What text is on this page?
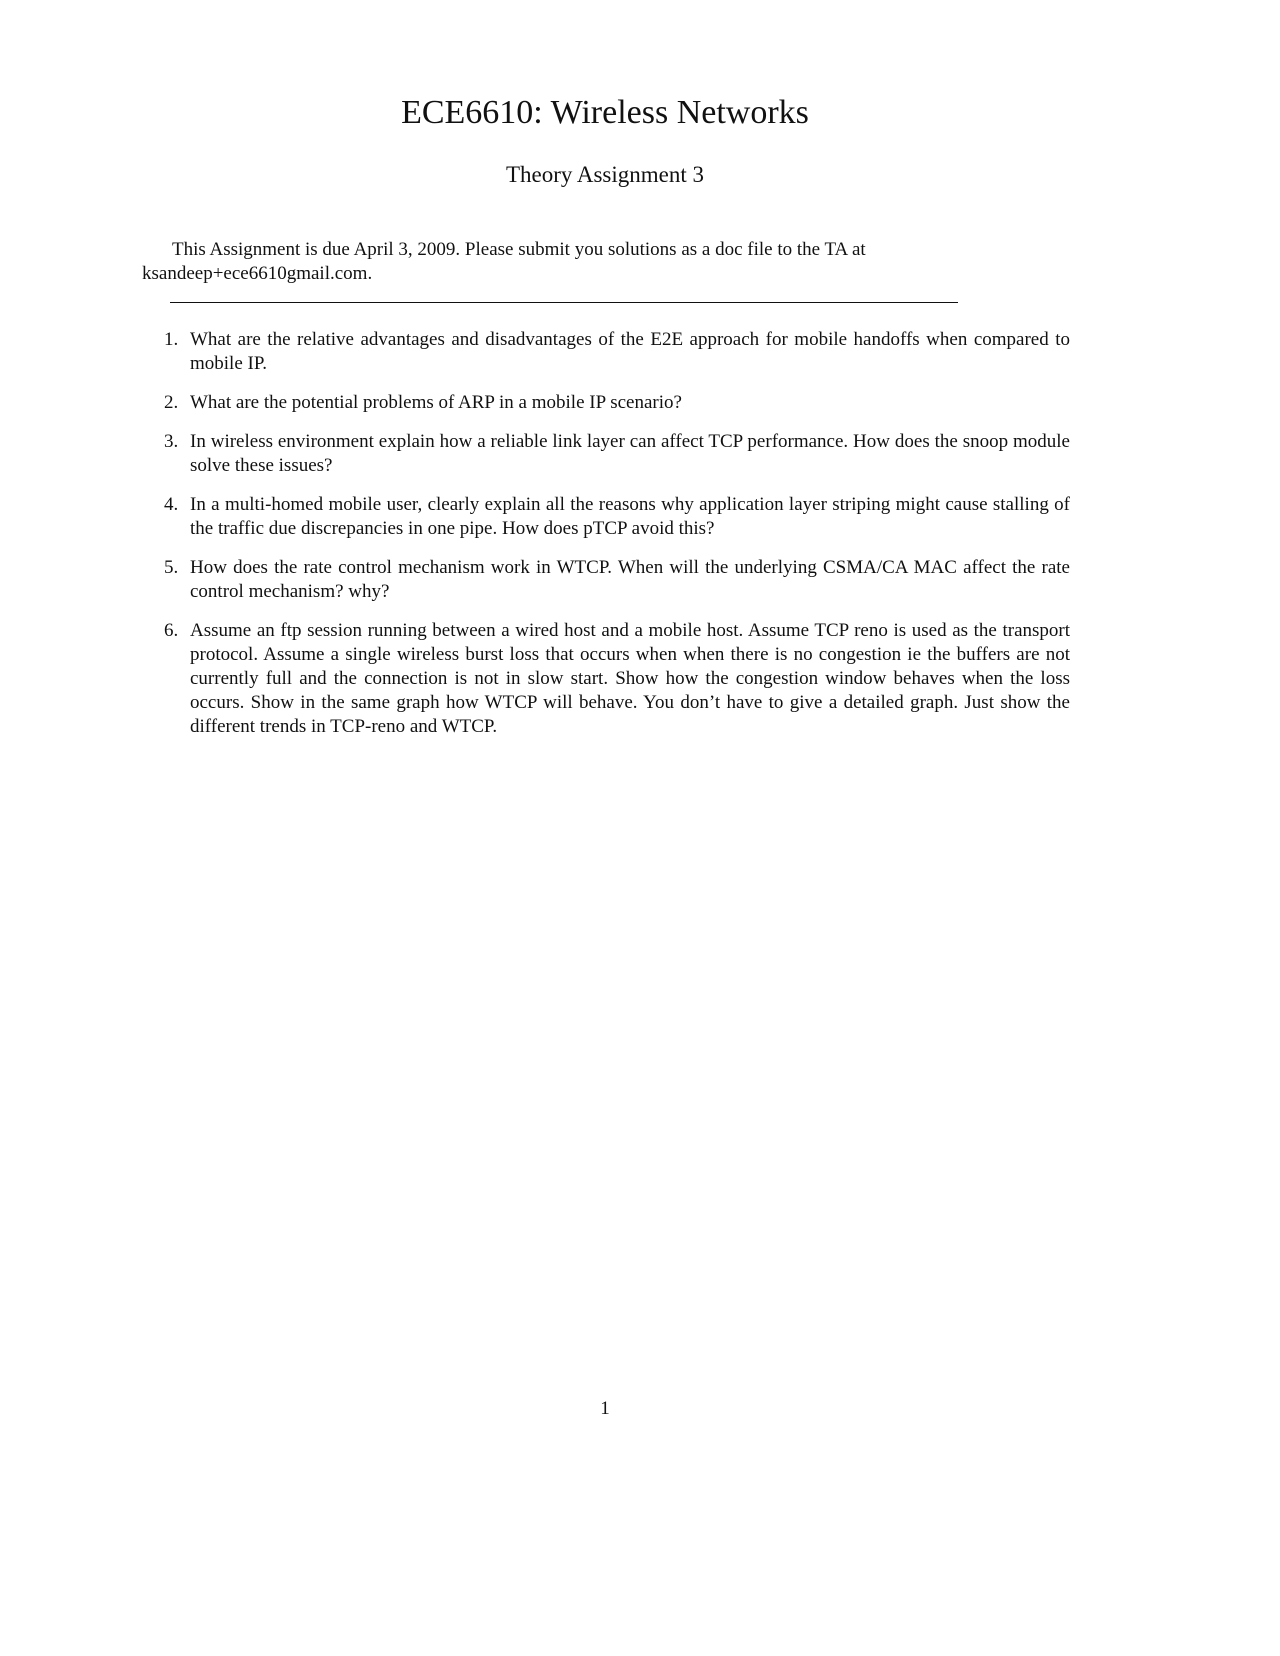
ECE6610: Wireless Networks
Theory Assignment 3
This Assignment is due April 3, 2009. Please submit you solutions as a doc file to the TA at ksandeep+ece6610gmail.com.
1. What are the relative advantages and disadvantages of the E2E approach for mobile handoffs when compared to mobile IP.
2. What are the potential problems of ARP in a mobile IP scenario?
3. In wireless environment explain how a reliable link layer can affect TCP performance. How does the snoop module solve these issues?
4. In a multi-homed mobile user, clearly explain all the reasons why application layer striping might cause stalling of the traffic due discrepancies in one pipe. How does pTCP avoid this?
5. How does the rate control mechanism work in WTCP. When will the underlying CSMA/CA MAC affect the rate control mechanism? why?
6. Assume an ftp session running between a wired host and a mobile host. Assume TCP reno is used as the transport protocol. Assume a single wireless burst loss that occurs when when there is no congestion ie the buffers are not currently full and the connection is not in slow start. Show how the congestion window behaves when the loss occurs. Show in the same graph how WTCP will behave. You don’t have to give a detailed graph. Just show the different trends in TCP-reno and WTCP.
1
